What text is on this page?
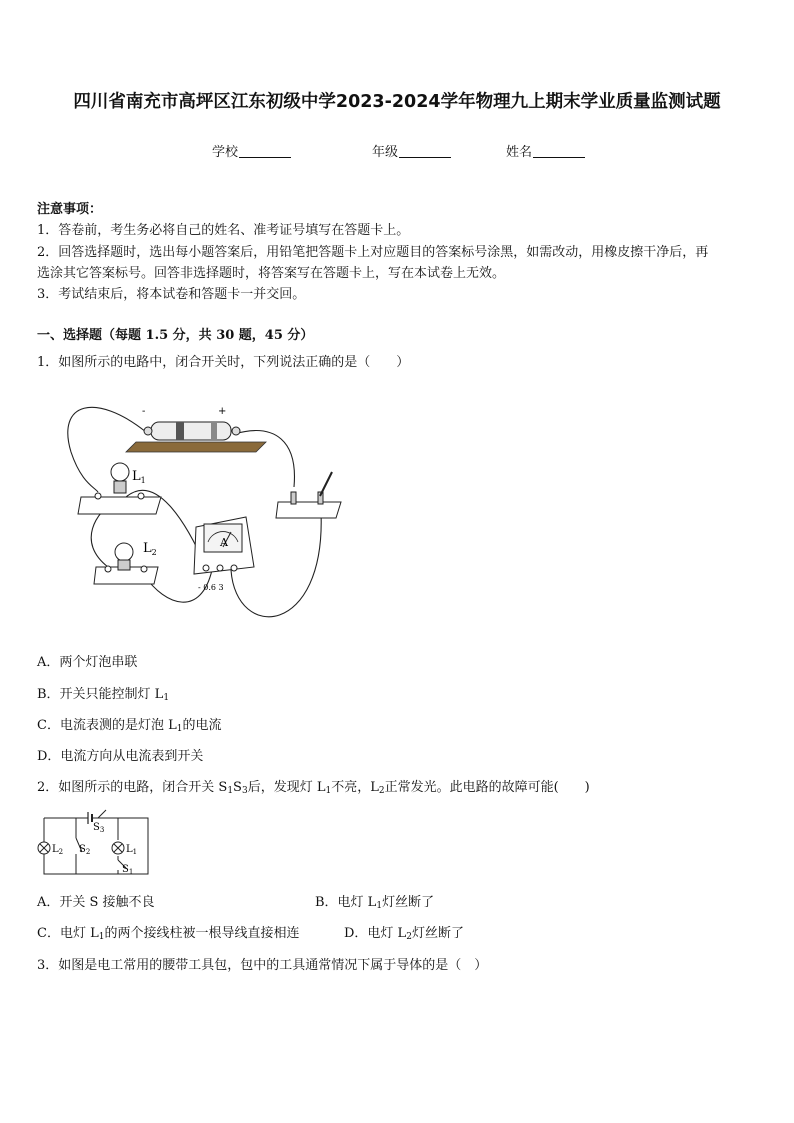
四川省南充市高坪区江东初级中学2023-2024学年物理九上期末学业质量监测试题
学校	年级	姓名
注意事项：
1．答卷前，考生务必将自己的姓名、准考证号填写在答题卡上。
2．回答选择题时，选出每小题答案后，用铅笔把答题卡上对应题目的答案标号涂黑，如需改动，用橡皮擦干净后，再
选涂其它答案标号。回答非选择题时，将答案写在答题卡上，写在本试卷上无效。
3．考试结束后，将本试卷和答题卡一并交回。
一、选择题（每题 1.5 分，共 30 题，45 分）
1．如图所示的电路中，闭合开关时，下列说法正确的是（　　）
-	+
$L_1$
$L_2$
A
- 0.6 3
A．两个灯泡串联
B．开关只能控制灯 $L_1$
C．电流表测的是灯泡 $L_1$的电流
D．电流方向从电流表到开关
2．如图所示的电路，闭合开关 $S_1S_3$后，发现灯 $L_1$不亮，$L_2$正常发光。此电路的故障可能(　　)
$S_3$
$L_2$ $S_2$	$L_1$
$S_1$
A．开关 S 接触不良	B．电灯 $L_1$灯丝断了
C．电灯 $L_1$的两个接线柱被一根导线直接相连	D．电灯 $L_2$灯丝断了
3．如图是电工常用的腰带工具包，包中的工具通常情况下属于导体的是（　）
